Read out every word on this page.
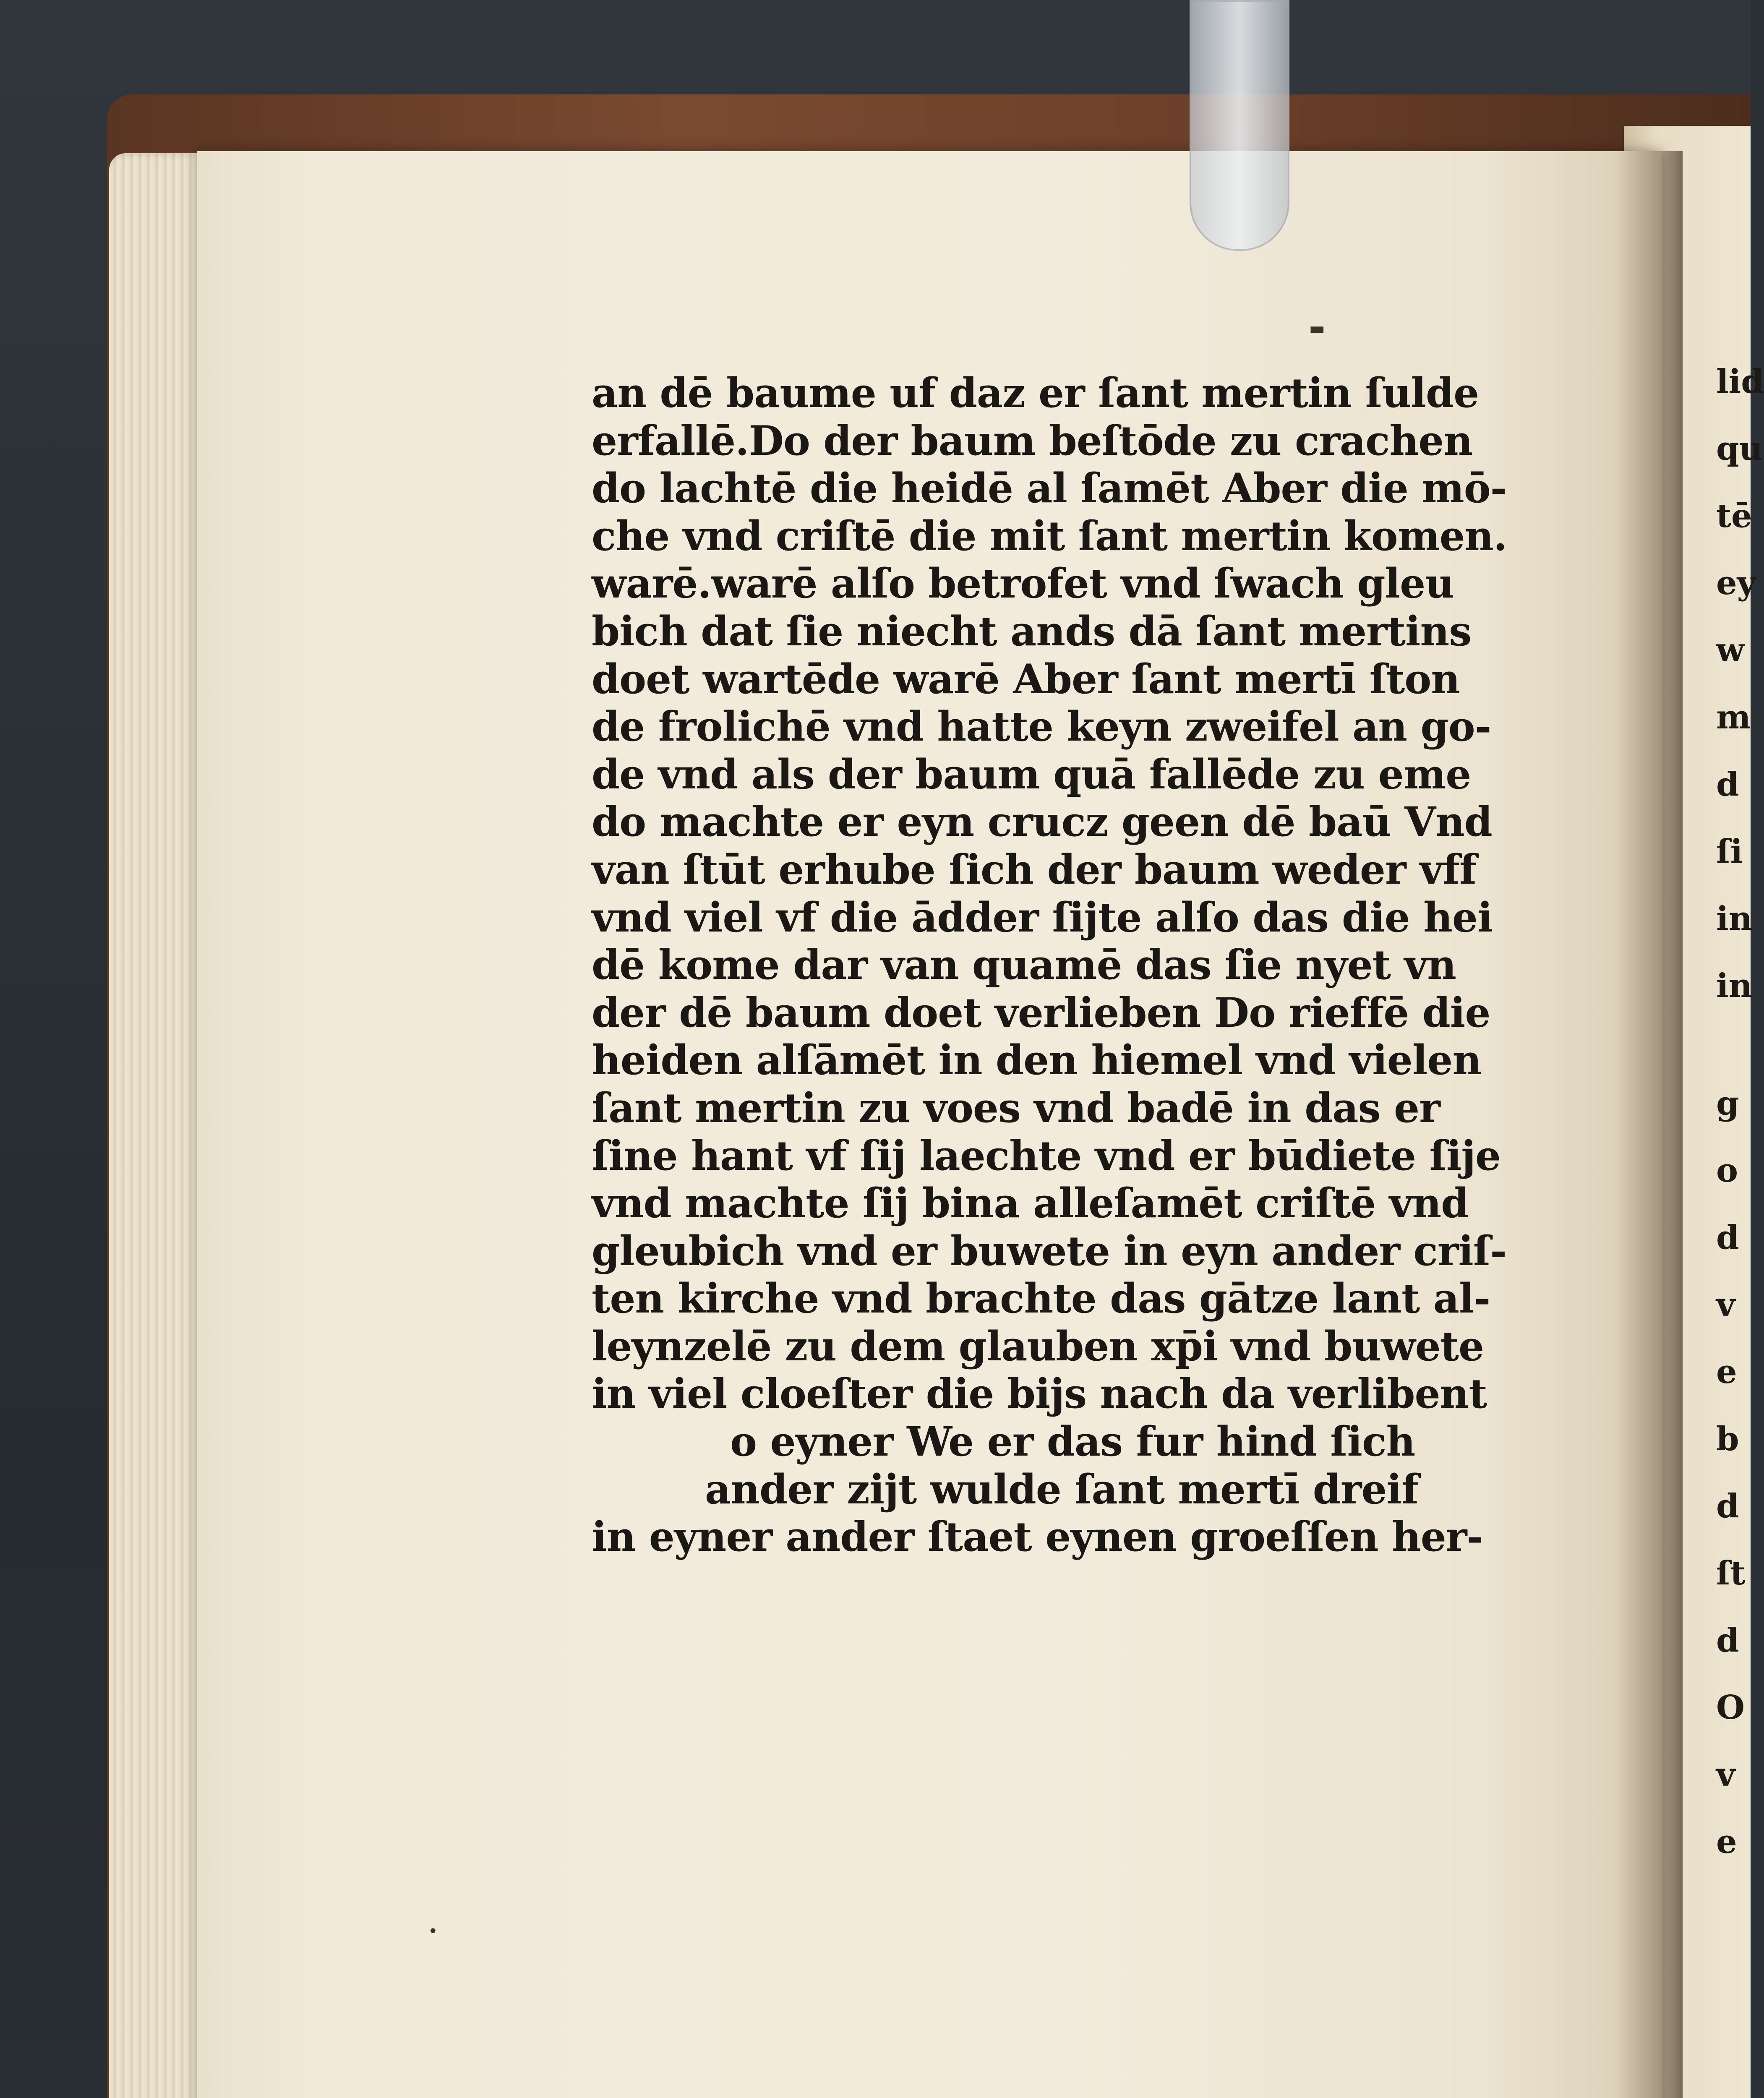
an dē baume uf daz er ſant mertin ſulde
erfallē.Do der baum beſtōde zu crachen
do lachtē die heidē al ſamēt Aber die mō-
che vnd criſtē die mit ſant mertin komen.
warē.warē alſo betrofet vnd ſwach gleu
bich dat ſie niecht ands dā ſant mertins
doet wartēde warē Aber ſant mertī ſton
de frolichē vnd hatte keyn zweifel an go-
de vnd als der baum quā fallēde zu eme
do machte er eyn crucz geen dē baū Vnd
van ſtūt erhube ſich der baum weder vff
vnd viel vf die ādder ſijte alſo das die hei
dē kome dar van quamē das ſie nyet vn
der dē baum doet verlieben Do rieffē die
heiden alſāmēt in den hiemel vnd vielen
ſant mertin zu voes vnd badē in das er
ſine hant vf ſij laechte vnd er būdiete ſije
vnd machte ſij bina alleſamēt criſtē vnd
gleubich vnd er buwete in eyn ander criſ-
ten kirche vnd brachte das gātze lant al-
leynzelē zu dem glauben xp̄i vnd buwete
in viel cloeſter die bijs nach da verlibent
o eyner We er das fur hind ſich
ander zijt wulde ſant mertī dreif
in eyner ander ſtaet eynen groeſſen her-
lid
qu
tē
ey
w
m
d
ſi
in
in
g
o
d
v
e
b
d
ſt
d
O
v
e
▬
•
